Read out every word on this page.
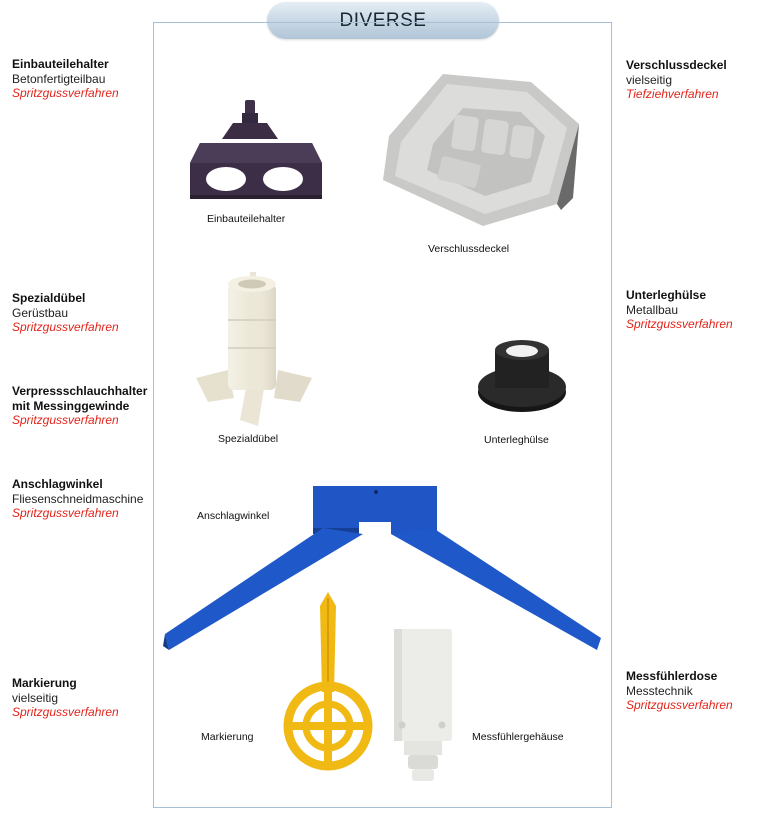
DIVERSE
Einbauteilehalter
Betonfertigteilbau
Spritzgussverfahren
Spezialdübel
Gerüstbau
Spritzgussverfahren
Verpressschlauchhalter
mit Messinggewinde
Spritzgussverfahren
Anschlagwinkel
Fliesenschneidmaschine
Spritzgussverfahren
Markierung
vielseitig
Spritzgussverfahren
Verschlussdeckel
vielseitig
Tiefziehverfahren
Unterleghülse
Metallbau
Spritzgussverfahren
Messfühlerdose
Messtechnik
Spritzgussverfahren
Einbauteilehalter
Verschlussdeckel
Spezialdübel	Unterleghülse
Anschlagwinkel
Markierung	Messfühlergehäuse
